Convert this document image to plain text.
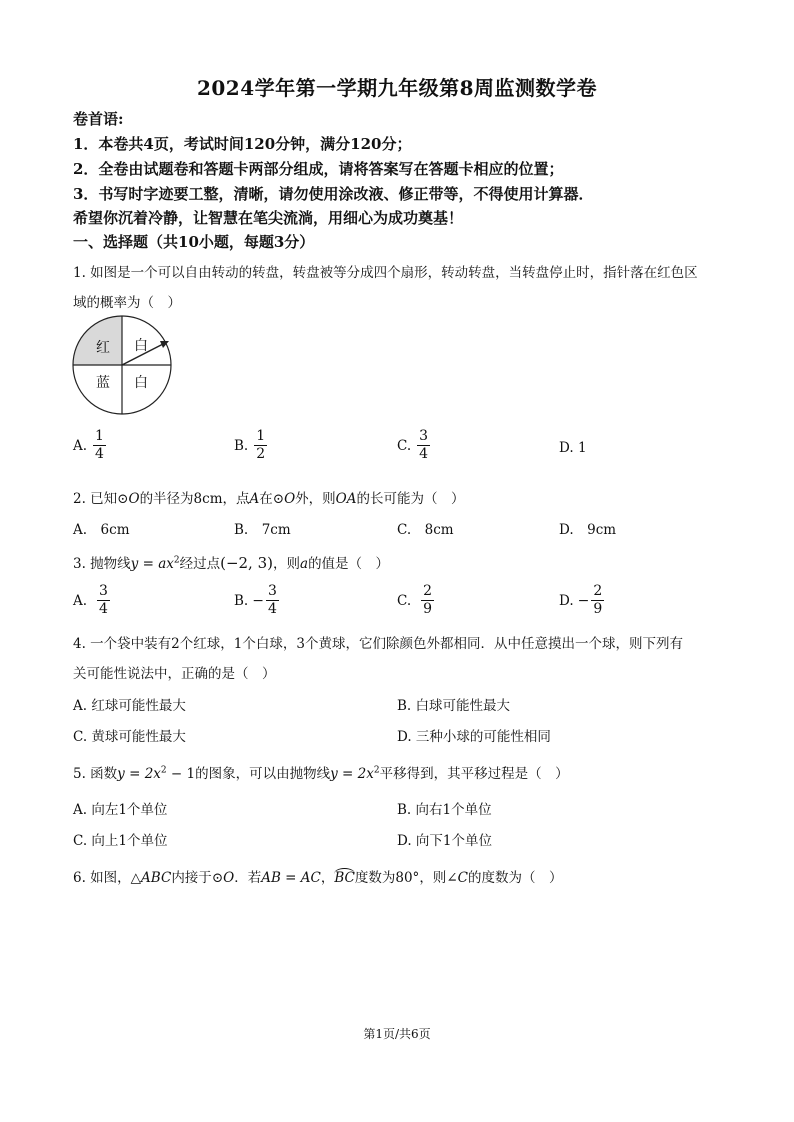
2024学年第一学期九年级第8周监测数学卷
卷首语:
1．本卷共4页，考试时间120分钟，满分120分；
2．全卷由试题卷和答题卡两部分组成，请将答案写在答题卡相应的位置；
3．书写时字迹要工整，清晰，请勿使用涂改液、修正带等，不得使用计算器．
希望你沉着冷静，让智慧在笔尖流淌，用细心为成功奠基！
一、选择题（共10小题，每题3分）
1. 如图是一个可以自由转动的转盘，转盘被等分成四个扇形，转动转盘，当转盘停止时，指针落在红色区
域的概率为（　）
红 白
蓝 白
A. $\frac{1}{4}$	B. $\frac{1}{2}$	C. $\frac{3}{4}$	D. 1
2. 已知⊙O的半径为8cm，点A在⊙O外，则OA的长可能为（　）
A.　6cm	B.　7cm	C.　8cm	D.　9cm
3. 抛物线$y = ax^2$经过点(−2, 3)，则a的值是（　）
A. $\frac{3}{4}$	B. − $\frac{3}{4}$	C. $\frac{2}{9}$	D. − $\frac{2}{9}$
4. 一个袋中装有2个红球，1个白球，3个黄球，它们除颜色外都相同．从中任意摸出一个球，则下列有
关可能性说法中，正确的是（　）
A. 红球可能性最大	B. 白球可能性最大
C. 黄球可能性最大	D. 三种小球的可能性相同
5. 函数$y = 2x^2 - 1$的图象，可以由抛物线$y = 2x^2$平移得到，其平移过程是（　）
A. 向左1个单位	B. 向右1个单位
C. 向上1个单位	D. 向下1个单位
6. 如图，△ABC内接于⊙O．若AB = AC，BC度数为80°，则∠C的度数为（　）
第1页/共6页
